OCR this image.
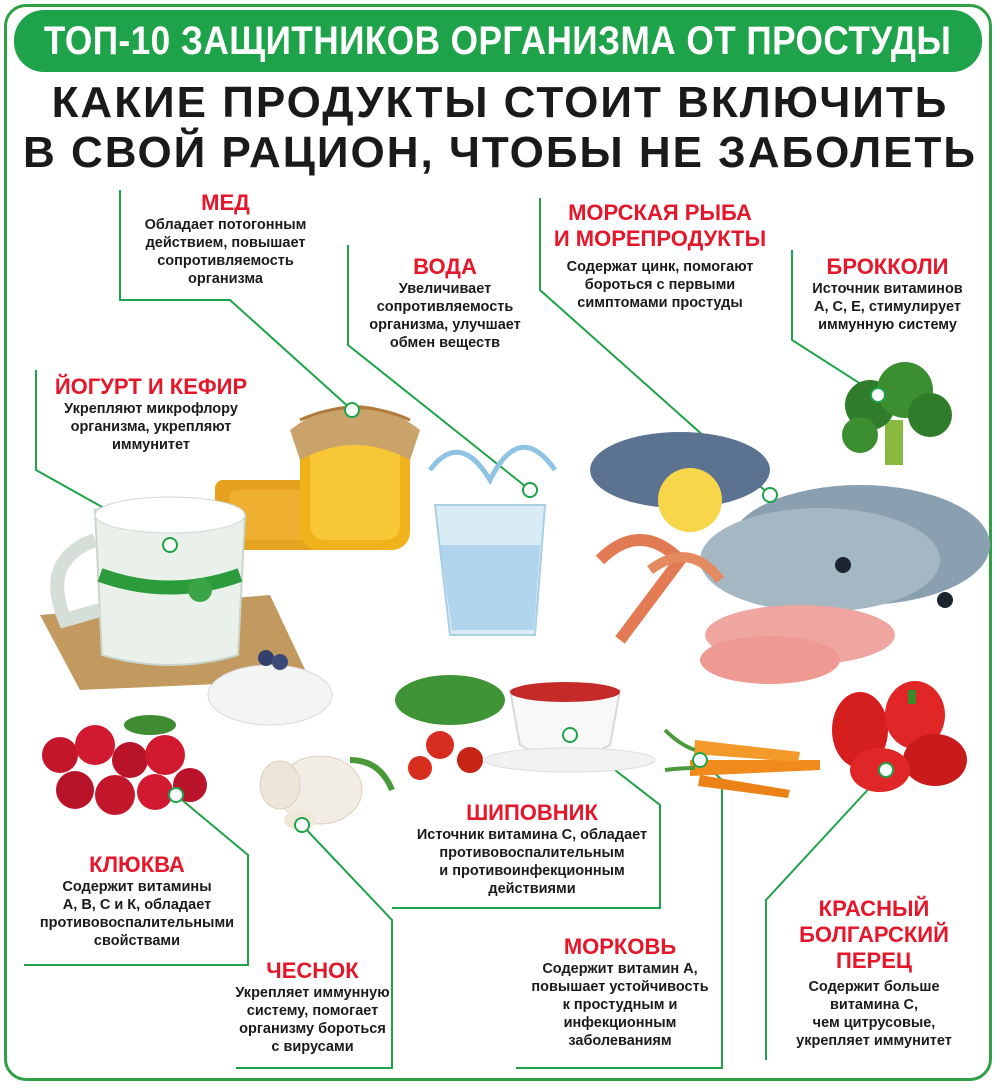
ТОП-10 ЗАЩИТНИКОВ ОРГАНИЗМА ОТ ПРОСТУДЫ
КАКИЕ ПРОДУКТЫ СТОИТ ВКЛЮЧИТЬ
В СВОЙ РАЦИОН, ЧТОБЫ НЕ ЗАБОЛЕТЬ
МЕД
Обладает потогонным
действием, повышает
сопротивляемость
организма	ВОДА
Увеличивает
сопротивляемость
организма, улучшает
обмен веществ
МОРСКАЯ РЫБА
И МОРЕПРОДУКТЫ
Содержат цинк, помогают
бороться с первыми
симптомами простуды
БРОККОЛИ
Источник витаминов
А, С, Е, стимулирует
иммунную систему
ЙОГУРТ И КЕФИР
Укрепляют микрофлору
организма, укрепляют
иммунитет
ШИПОВНИК
Источник витамина С, обладает
противовоспалительным
и противоинфекционным
действиями
КЛЮКВА
Содержит витамины
А, В, С и К, обладает
противовоспалительными
свойствами
ЧЕСНОК
Укрепляет иммунную
систему, помогает
организму бороться
с вирусами
МОРКОВЬ
Содержит витамин А,
повышает устойчивость
к простудным и
инфекционным
заболеваниям
КРАСНЫЙ
БОЛГАРСКИЙ
ПЕРЕЦ
Содержит больше
витамина С,
чем цитрусовые,
укрепляет иммунитет
